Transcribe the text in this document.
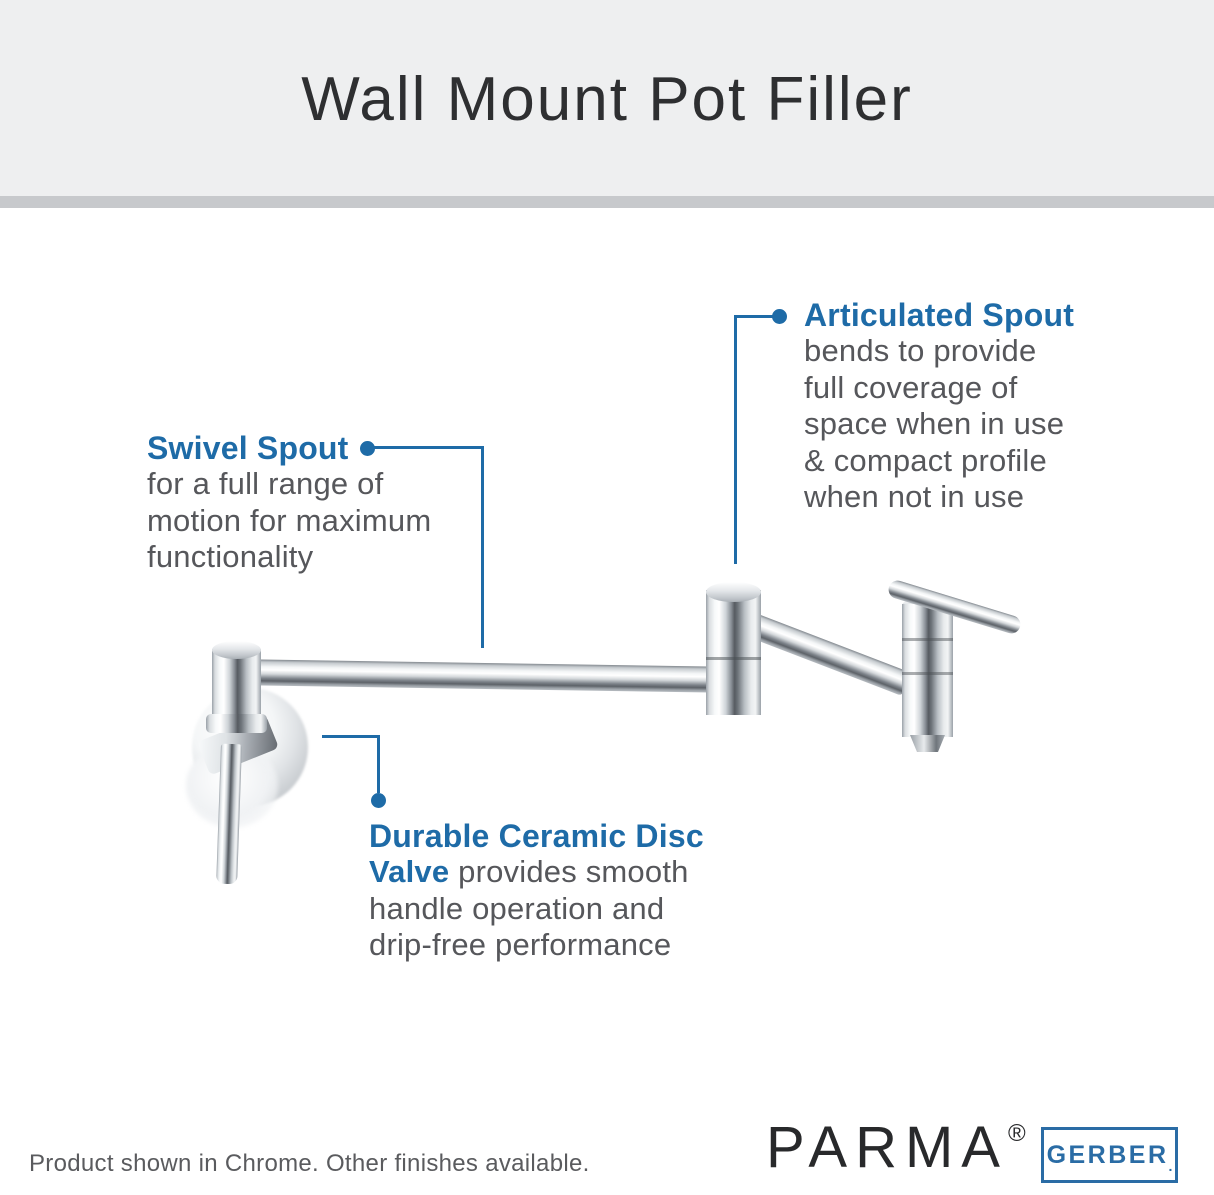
Wall Mount Pot Filler
Articulated Spout
bends to provide
full coverage of
space when in use
& compact profile
when not in use
Swivel Spout
for a full range of
motion for maximum
functionality
Durable Ceramic Disc
Valve provides smooth
handle operation and
drip-free performance
Product shown in Chrome. Other finishes available.	PARMA®
GERBER .
